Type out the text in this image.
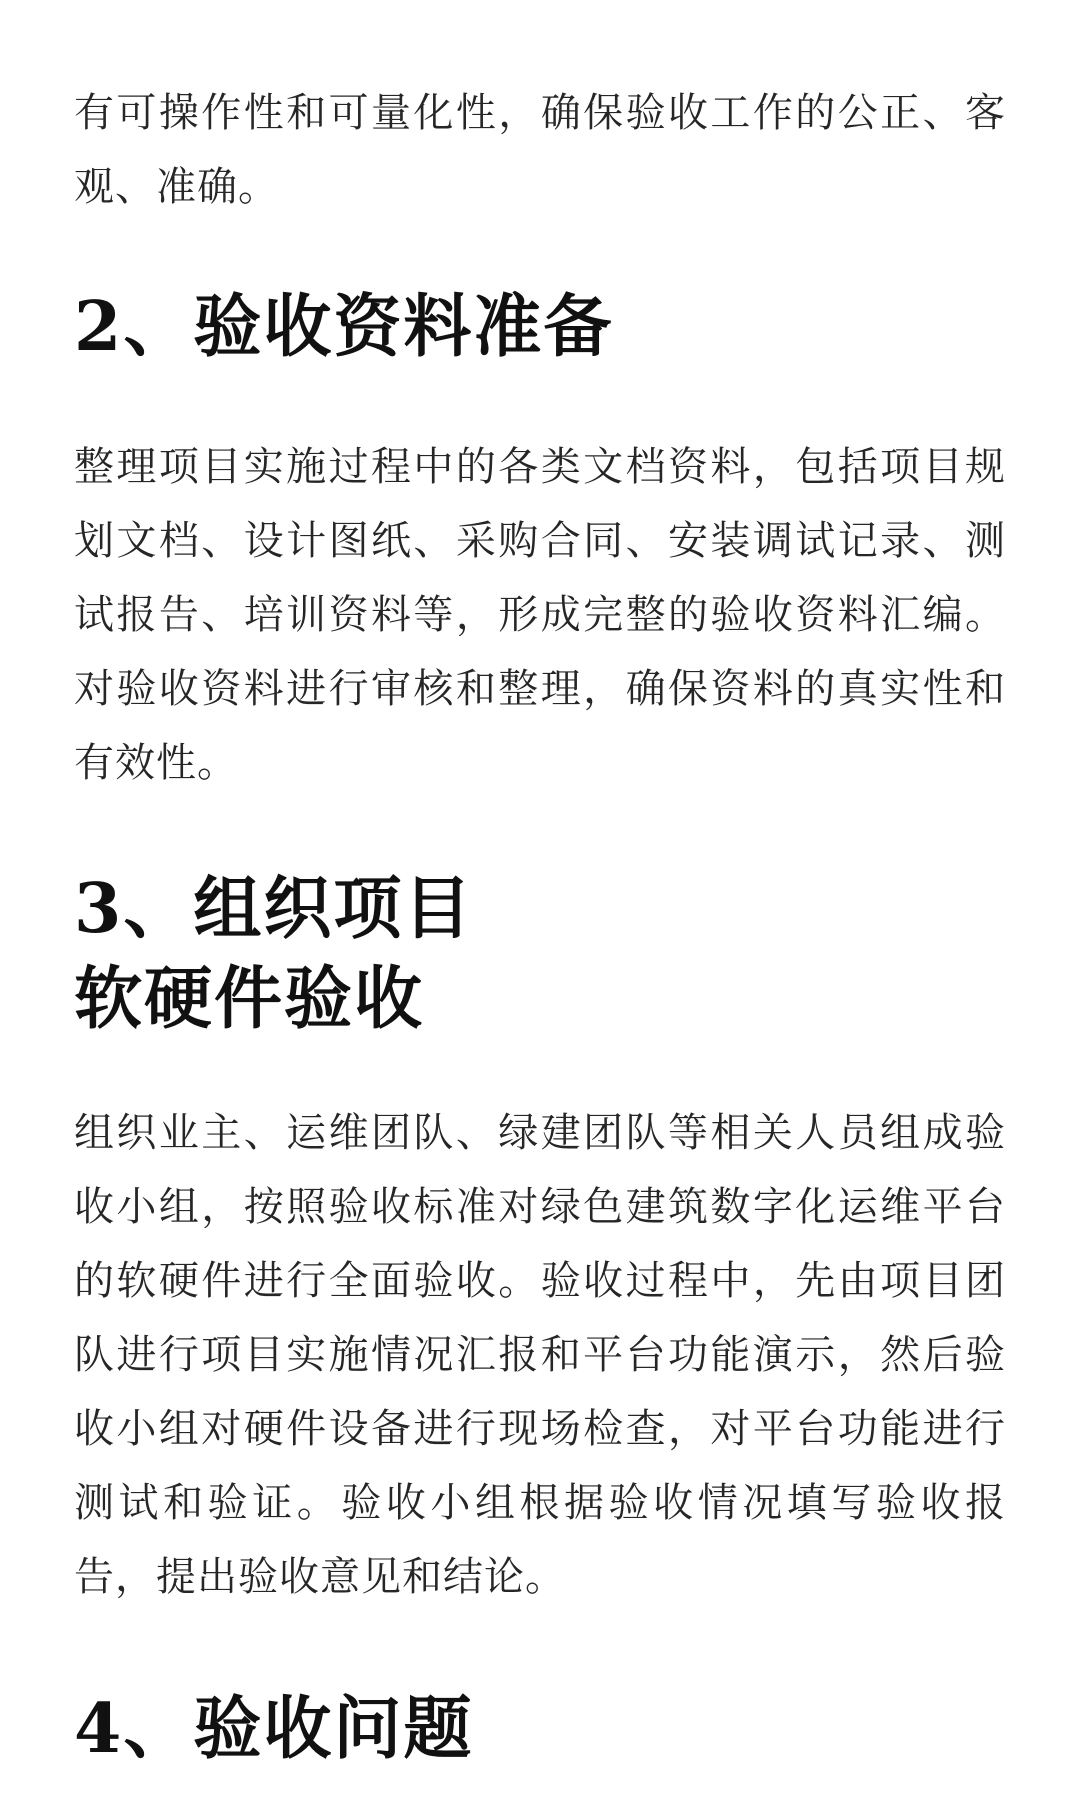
有可操作性和可量化性，确保验收工作的公正、客观、准确。

2、验收资料准备

整理项目实施过程中的各类文档资料，包括项目规划文档、设计图纸、采购合同、安装调试记录、测试报告、培训资料等，形成完整的验收资料汇编。对验收资料进行审核和整理，确保资料的真实性和有效性。

3、组织项目
软硬件验收

组织业主、运维团队、绿建团队等相关人员组成验收小组，按照验收标准对绿色建筑数字化运维平台的软硬件进行全面验收。验收过程中，先由项目团队进行项目实施情况汇报和平台功能演示，然后验收小组对硬件设备进行现场检查，对平台功能进行测试和验证。验收小组根据验收情况填写验收报告，提出验收意见和结论。

4、验收问题
